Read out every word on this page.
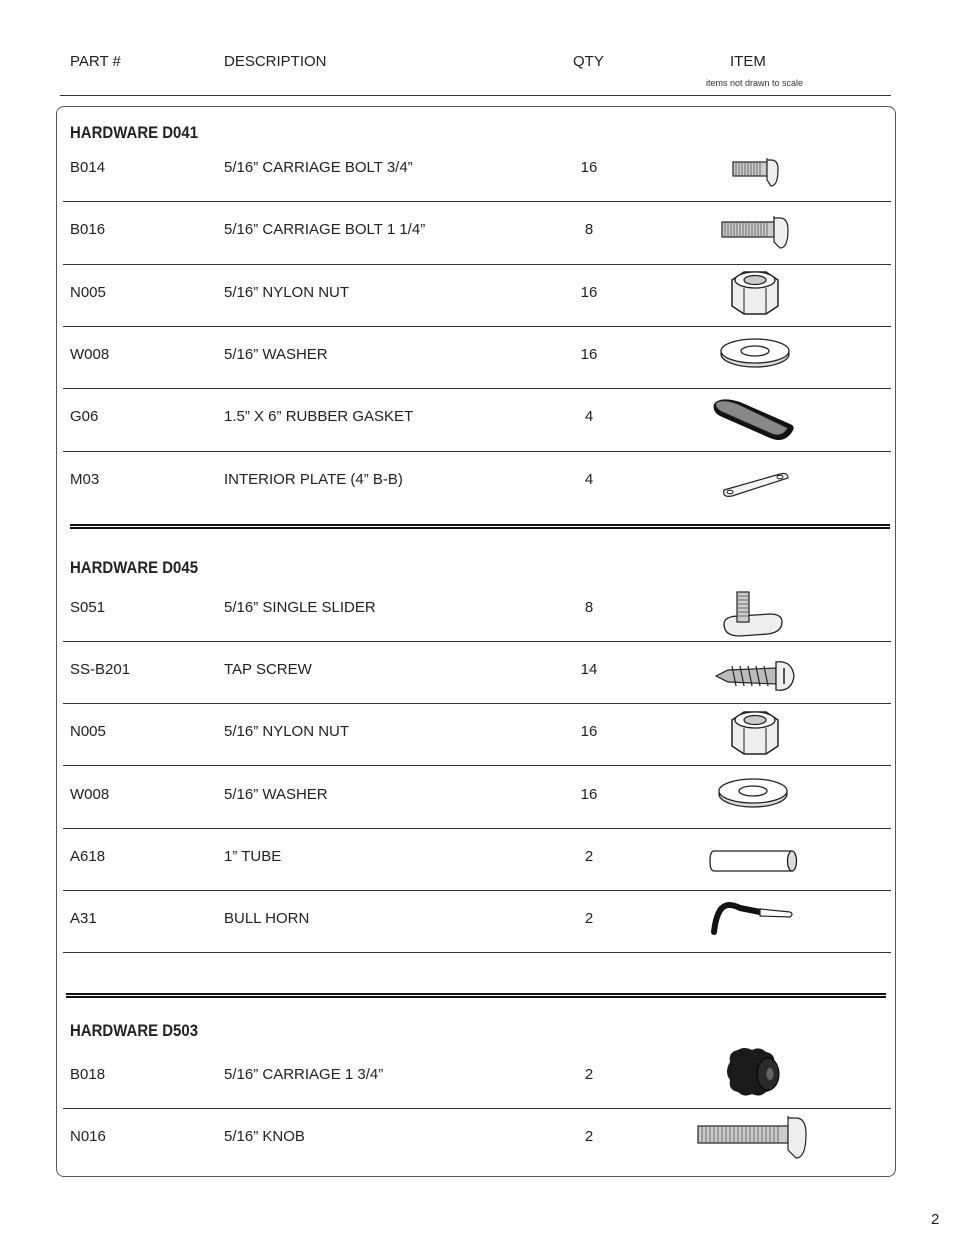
PART #	DESCRIPTION	QTY	ITEM
items not drawn to scale
HARDWARE D041
B014	5/16” CARRIAGE BOLT 3/4”	16
B016	5/16” CARRIAGE BOLT 1 1/4”	8
N005	5/16” NYLON NUT	16
W008	5/16” WASHER	16
G06	1.5” X 6” RUBBER GASKET	4
M03	INTERIOR PLATE (4” B-B)	4
HARDWARE D045
S051	5/16” SINGLE SLIDER	8
SS-B201	TAP SCREW	14
N005	5/16” NYLON NUT	16
W008	5/16” WASHER	16
A618	1” TUBE	2
A31	BULL HORN	2
HARDWARE D503
B018	5/16” CARRIAGE 1 3/4”	2
N016	5/16” KNOB	2
2
